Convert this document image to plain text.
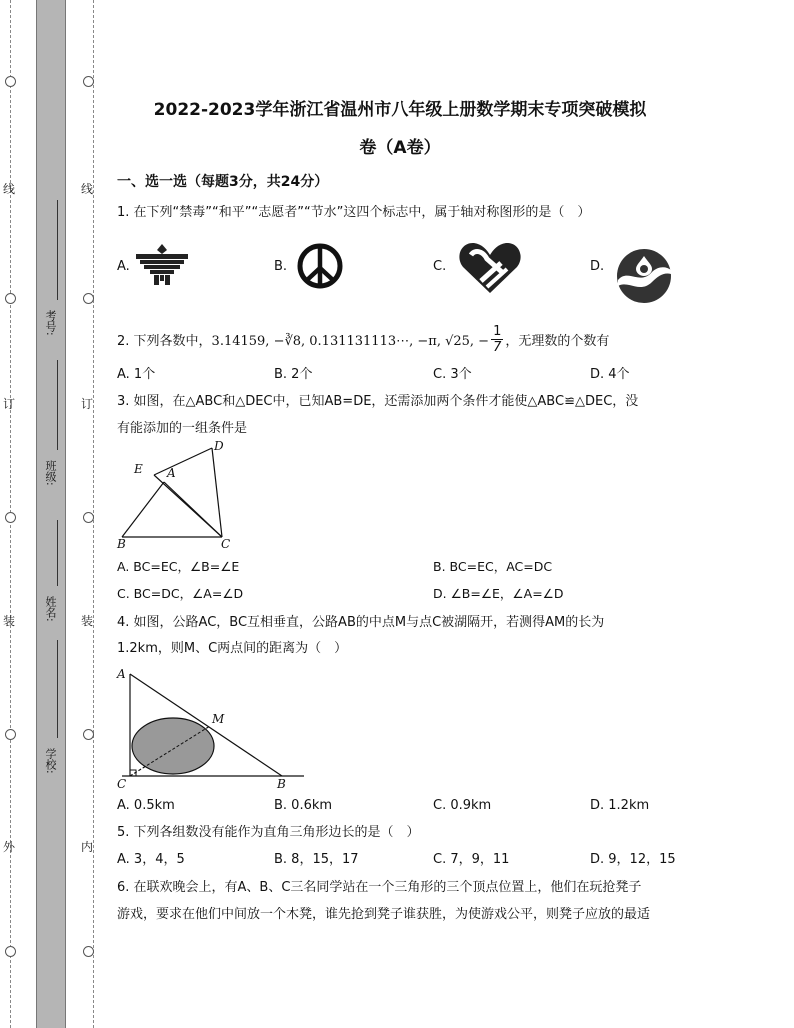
线
订
装
外
线
订
装
内
考号:
班级:
姓名:
学校:
2022-2023学年浙江省温州市八年级上册数学期末专项突破模拟
卷（A卷）
一、选一选（每题3分，共24分）
1. 在下列“禁毒”“和平”“志愿者”“节水”这四个标志中，属于轴对称图形的是（　）
A.	B.	C.	D.
2. 下列各数中，3.14159, −∛8, 0.131131113⋯, −π, √25, − $\frac{1}{7}$ ，无理数的个数有
A. 1个	B. 2个	C. 3个	D. 4个
3. 如图，在△ABC和△DEC中，已知AB=DE，还需添加两个条件才能使△ABC≌△DEC，没
有能添加的一组条件是
D
E A
B	C
A. BC=EC，∠B=∠E	B. BC=EC，AC=DC
C. BC=DC，∠A=∠D	D. ∠B=∠E，∠A=∠D
4. 如图，公路AC，BC互相垂直，公路AB的中点M与点C被湖隔开，若测得AM的长为
1.2km，则M、C两点间的距离为（　）
A
M
C	B
A. 0.5km	B. 0.6km	C. 0.9km	D. 1.2km
5. 下列各组数没有能作为直角三角形边长的是（　）
A. 3，4，5	B. 8，15，17	C. 7，9，11	D. 9，12，15
6. 在联欢晚会上，有A、B、C三名同学站在一个三角形的三个顶点位置上，他们在玩抢凳子
游戏，要求在他们中间放一个木凳，谁先抢到凳子谁获胜，为使游戏公平，则凳子应放的最适
